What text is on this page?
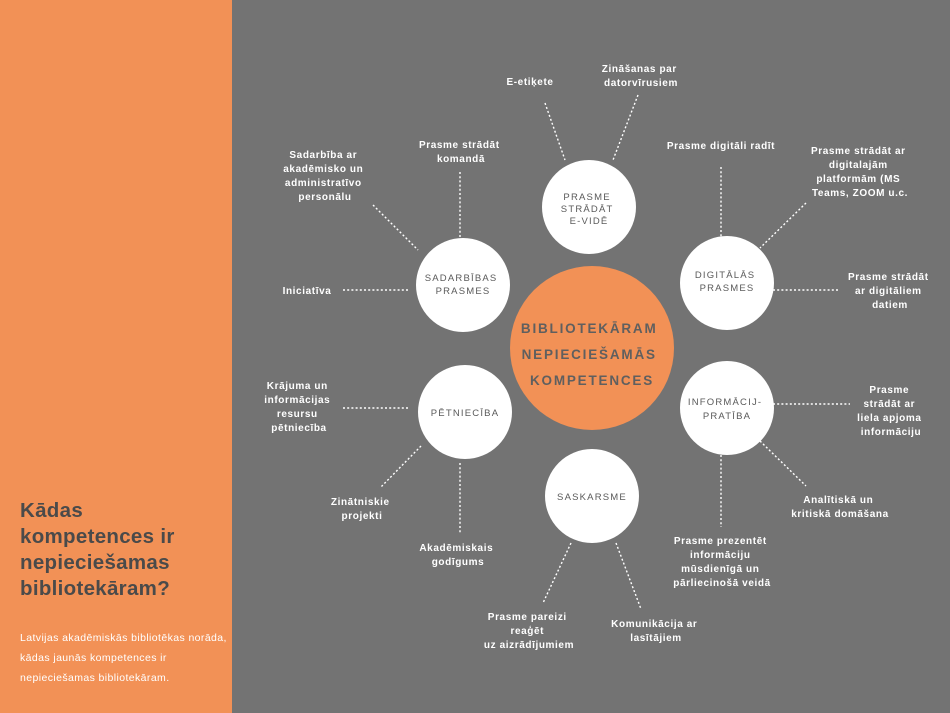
Kādas kompetences ir nepieciešamas bibliotekāram?

Latvijas akadēmiskās bibliotēkas norāda, kādas jaunās kompetences ir nepieciešamas bibliotekāram.

BIBLIOTEKĀRAM NEPIECIEŠAMĀS KOMPETENCES
PRASME STRĀDĀT E-VIDĒ
DIGITĀLĀS PRASMES
INFORMĀCIJ- PRATĪBA
SASKARSME
PĒTNIECĪBA
SADARBĪBAS PRASMES
E-etiķete
Zināšanas par datorvīrusiem
Prasme digitāli radīt	Prasme strādāt ar digitalajām platformām (MS Teams, ZOOM u.c.
Prasme strādāt ar digitāliem datiem
Prasme strādāt ar liela apjoma informāciju
Analītiskā un kritiskā domāšana
Prasme prezentēt informāciju mūsdienīgā un pārliecinošā veidā
Komunikācija ar lasītājiem
Prasme pareizi reaģēt uz aizrādījumiem
Akadēmiskais godīgums
Zinātniskie projekti
Krājuma un informācijas resursu pētniecība
Iniciatīva
Sadarbība ar akadēmisko un administratīvo personālu
Prasme strādāt komandā
